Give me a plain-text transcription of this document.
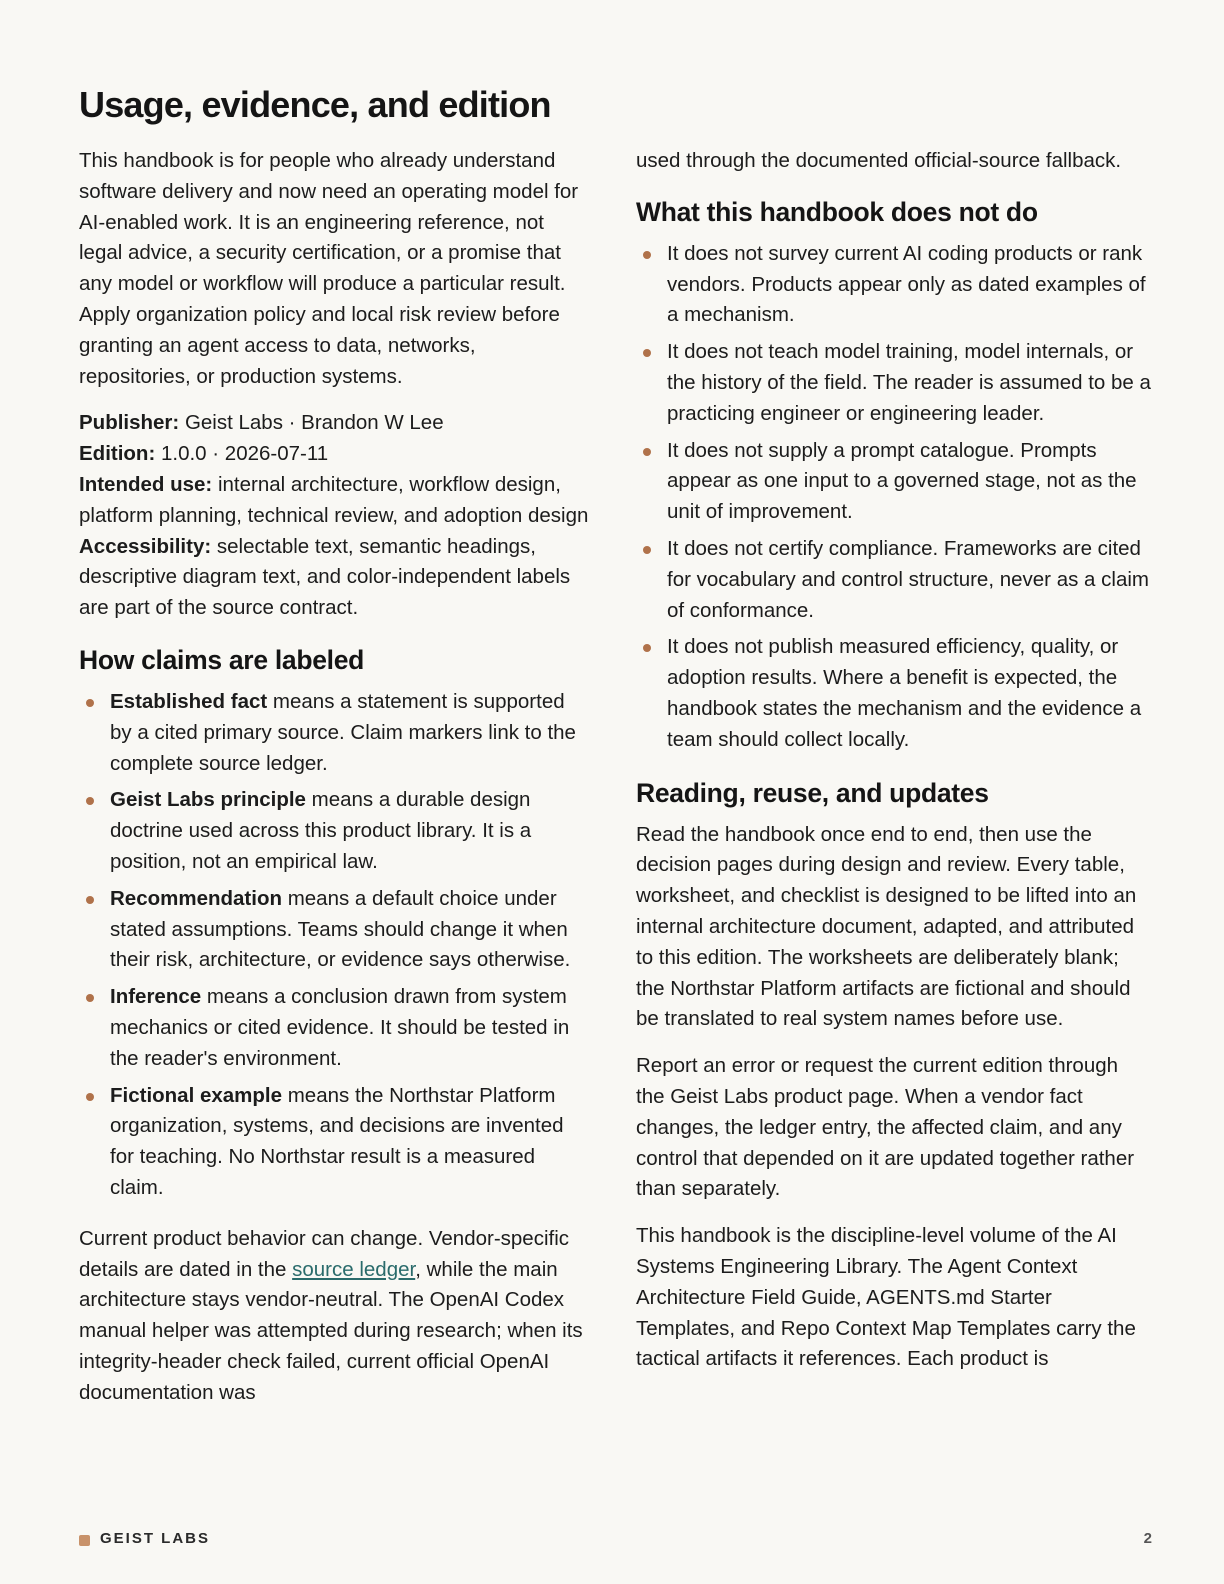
Usage, evidence, and edition

This handbook is for people who already understand software delivery and now need an operating model for AI-enabled work. It is an engineering reference, not legal advice, a security certification, or a promise that any model or workflow will produce a particular result. Apply organization policy and local risk review before granting an agent access to data, networks, repositories, or production systems.

Publisher: Geist Labs · Brandon W Lee
Edition: 1.0.0 · 2026-07-11
Intended use: internal architecture, workflow design, platform planning, technical review, and adoption design
Accessibility: selectable text, semantic headings, descriptive diagram text, and color-independent labels are part of the source contract.
How claims are labeled
Established fact means a statement is supported by a cited primary source. Claim markers link to the complete source ledger.
Geist Labs principle means a durable design doctrine used across this product library. It is a position, not an empirical law.
Recommendation means a default choice under stated assumptions. Teams should change it when their risk, architecture, or evidence says otherwise.
Inference means a conclusion drawn from system mechanics or cited evidence. It should be tested in the reader's environment.
Fictional example means the Northstar Platform organization, systems, and decisions are invented for teaching. No Northstar result is a measured claim.

Current product behavior can change. Vendor-specific details are dated in the source ledger, while the main architecture stays vendor-neutral. The OpenAI Codex manual helper was attempted during research; when its integrity-header check failed, current official OpenAI documentation was

used through the documented official-source fallback.

What this handbook does not do
It does not survey current AI coding products or rank vendors. Products appear only as dated examples of a mechanism.
It does not teach model training, model internals, or the history of the field. The reader is assumed to be a practicing engineer or engineering leader.
It does not supply a prompt catalogue. Prompts appear as one input to a governed stage, not as the unit of improvement.
It does not certify compliance. Frameworks are cited for vocabulary and control structure, never as a claim of conformance.
It does not publish measured efficiency, quality, or adoption results. Where a benefit is expected, the handbook states the mechanism and the evidence a team should collect locally.
Reading, reuse, and updates

Read the handbook once end to end, then use the decision pages during design and review. Every table, worksheet, and checklist is designed to be lifted into an internal architecture document, adapted, and attributed to this edition. The worksheets are deliberately blank; the Northstar Platform artifacts are fictional and should be translated to real system names before use.

Report an error or request the current edition through the Geist Labs product page. When a vendor fact changes, the ledger entry, the affected claim, and any control that depended on it are updated together rather than separately.

This handbook is the discipline-level volume of the AI Systems Engineering Library. The Agent Context Architecture Field Guide, AGENTS.md Starter Templates, and Repo Context Map Templates carry the tactical artifacts it references. Each product is

GEIST LABS	2
